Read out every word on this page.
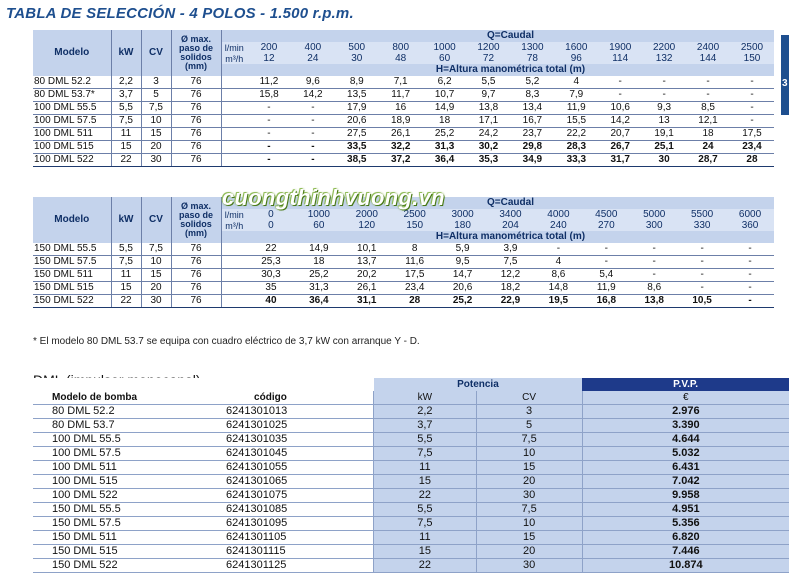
TABLA DE SELECCIÓN - 4 POLOS - 1.500 r.p.m.
3
Modelo	kW	CV	Ø max.
paso de
solidos
(mm)		Q=Caudal											
				l/min	200	400	500	800	1000	1200	1300	1600	1900	2200	2400	2500
				m³/h	12	24	30	48	60	72	78	96	114	132	144	150
					H=Altura manométrica total (m)											
80 DML 52.2	2,2	3	76		11,2	9,6	8,9	7,1	6,2	5,5	5,2	4	-	-	-	-
80 DML 53.7*	3,7	5	76		15,8	14,2	13,5	11,7	10,7	9,7	8,3	7,9	-	-	-	-
100 DML 55.5	5,5	7,5	76		-	-	17,9	16	14,9	13,8	13,4	11,9	10,6	9,3	8,5	-
100 DML 57.5	7,5	10	76		-	-	20,6	18,9	18	17,1	16,7	15,5	14,2	13	12,1	-
100 DML 511	11	15	76		-	-	27,5	26,1	25,2	24,2	23,7	22,2	20,7	19,1	18	17,5
100 DML 515	15	20	76		-	-	33,5	32,2	31,3	30,2	29,8	28,3	26,7	25,1	24	23,4
100 DML 522	22	30	76		-	-	38,5	37,2	36,4	35,3	34,9	33,3	31,7	30	28,7	28
Modelo	kW	CV	Ø max.
paso de
solidos
(mm)		Q=Caudal										
				l/min	0	1000	2000	2500	3000	3400	4000	4500	5000	5500	6000
				m³/h	0	60	120	150	180	204	240	270	300	330	360
					H=Altura manométrica total (m)										
150 DML 55.5	5,5	7,5	76		22	14,9	10,1	8	5,9	3,9	-	-	-	-	-
150 DML 57.5	7,5	10	76		25,3	18	13,7	11,6	9,5	7,5	4	-	-	-	-
150 DML 511	11	15	76		30,3	25,2	20,2	17,5	14,7	12,2	8,6	5,4	-	-	-
150 DML 515	15	20	76		35	31,3	26,1	23,4	20,6	18,2	14,8	11,9	8,6	-	-
150 DML 522	22	30	76		40	36,4	31,1	28	25,2	22,9	19,5	16,8	13,8	10,5	-
cuongthinhvuong.vn
* El modelo 80 DML 53.7 se equipa con cuadro eléctrico de 3,7 kW con arranque Y - D.
		Potencia		P.V.P.
Modelo de bomba	código	kW	CV	€
80 DML 52.2	6241301013	2,2	3	2.976
80 DML 53.7	6241301025	3,7	5	3.390
100 DML 55.5	6241301035	5,5	7,5	4.644
100 DML 57.5	6241301045	7,5	10	5.032
100 DML 511	6241301055	11	15	6.431
100 DML 515	6241301065	15	20	7.042
100 DML 522	6241301075	22	30	9.958
150 DML 55.5	6241301085	5,5	7,5	4.951
150 DML 57.5	6241301095	7,5	10	5.356
150 DML 511	6241301105	11	15	6.820
150 DML 515	6241301115	15	20	7.446
150 DML 522	6241301125	22	30	10.874
